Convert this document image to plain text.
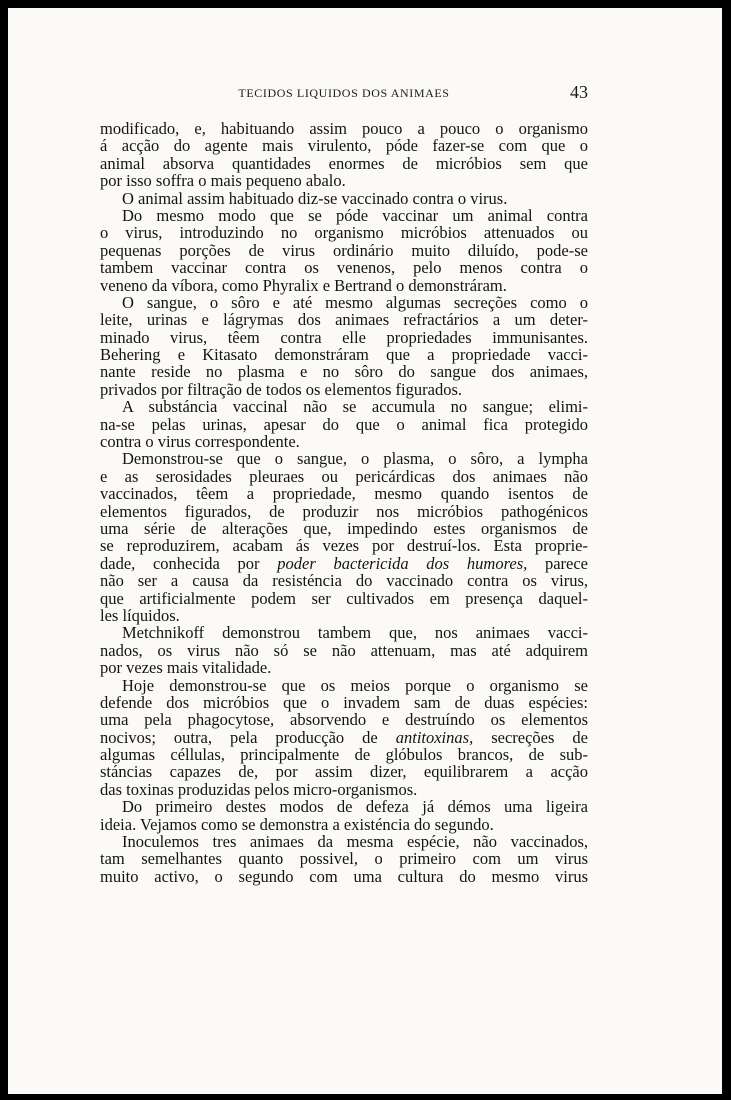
TECIDOS LIQUIDOS DOS ANIMAES	43
modificado, e, habituando assim pouco a pouco o organismo
á acção do agente mais virulento, póde fazer-se com que o
animal absorva quantidades enormes de micróbios sem que
por isso soffra o mais pequeno abalo.
O animal assim habituado diz-se vaccinado contra o virus.
Do mesmo modo que se póde vaccinar um animal contra
o virus, introduzindo no organismo micróbios attenuados ou
pequenas porções de virus ordinário muito diluído, pode-se
tambem vaccinar contra os venenos, pelo menos contra o
veneno da víbora, como Phyralix e Bertrand o demonstráram.
O sangue, o sôro e até mesmo algumas secreções como o
leite, urinas e lágrymas dos animaes refractários a um deter-
minado virus, têem contra elle propriedades immunisantes.
Behering e Kitasato demonstráram que a propriedade vacci-
nante reside no plasma e no sôro do sangue dos animaes,
privados por filtração de todos os elementos figurados.
A substáncia vaccinal não se accumula no sangue; elimi-
na-se pelas urinas, apesar do que o animal fica protegido
contra o virus correspondente.
Demonstrou-se que o sangue, o plasma, o sôro, a lympha
e as serosidades pleuraes ou pericárdicas dos animaes não
vaccinados, têem a propriedade, mesmo quando isentos de
elementos figurados, de produzir nos micróbios pathogénicos
uma série de alterações que, impedindo estes organismos de
se reproduzirem, acabam ás vezes por destruí-los. Esta proprie-
dade, conhecida por poder bactericida dos humores, parece
não ser a causa da resisténcia do vaccinado contra os virus,
que artificialmente podem ser cultivados em presença daquel-
les líquidos.
Metchnikoff demonstrou tambem que, nos animaes vacci-
nados, os virus não só se não attenuam, mas até adquirem
por vezes mais vitalidade.
Hoje demonstrou-se que os meios porque o organismo se
defende dos micróbios que o invadem sam de duas espécies:
uma pela phagocytose, absorvendo e destruíndo os elementos
nocivos; outra, pela producção de antitoxinas, secreções de
algumas céllulas, principalmente de glóbulos brancos, de sub-
stáncias capazes de, por assim dizer, equilibrarem a acção
das toxinas produzidas pelos micro-organismos.
Do primeiro destes modos de defeza já démos uma ligeira
ideia. Vejamos como se demonstra a existéncia do segundo.
Inoculemos tres animaes da mesma espécie, não vaccinados,
tam semelhantes quanto possivel, o primeiro com um virus
muito activo, o segundo com uma cultura do mesmo virus
